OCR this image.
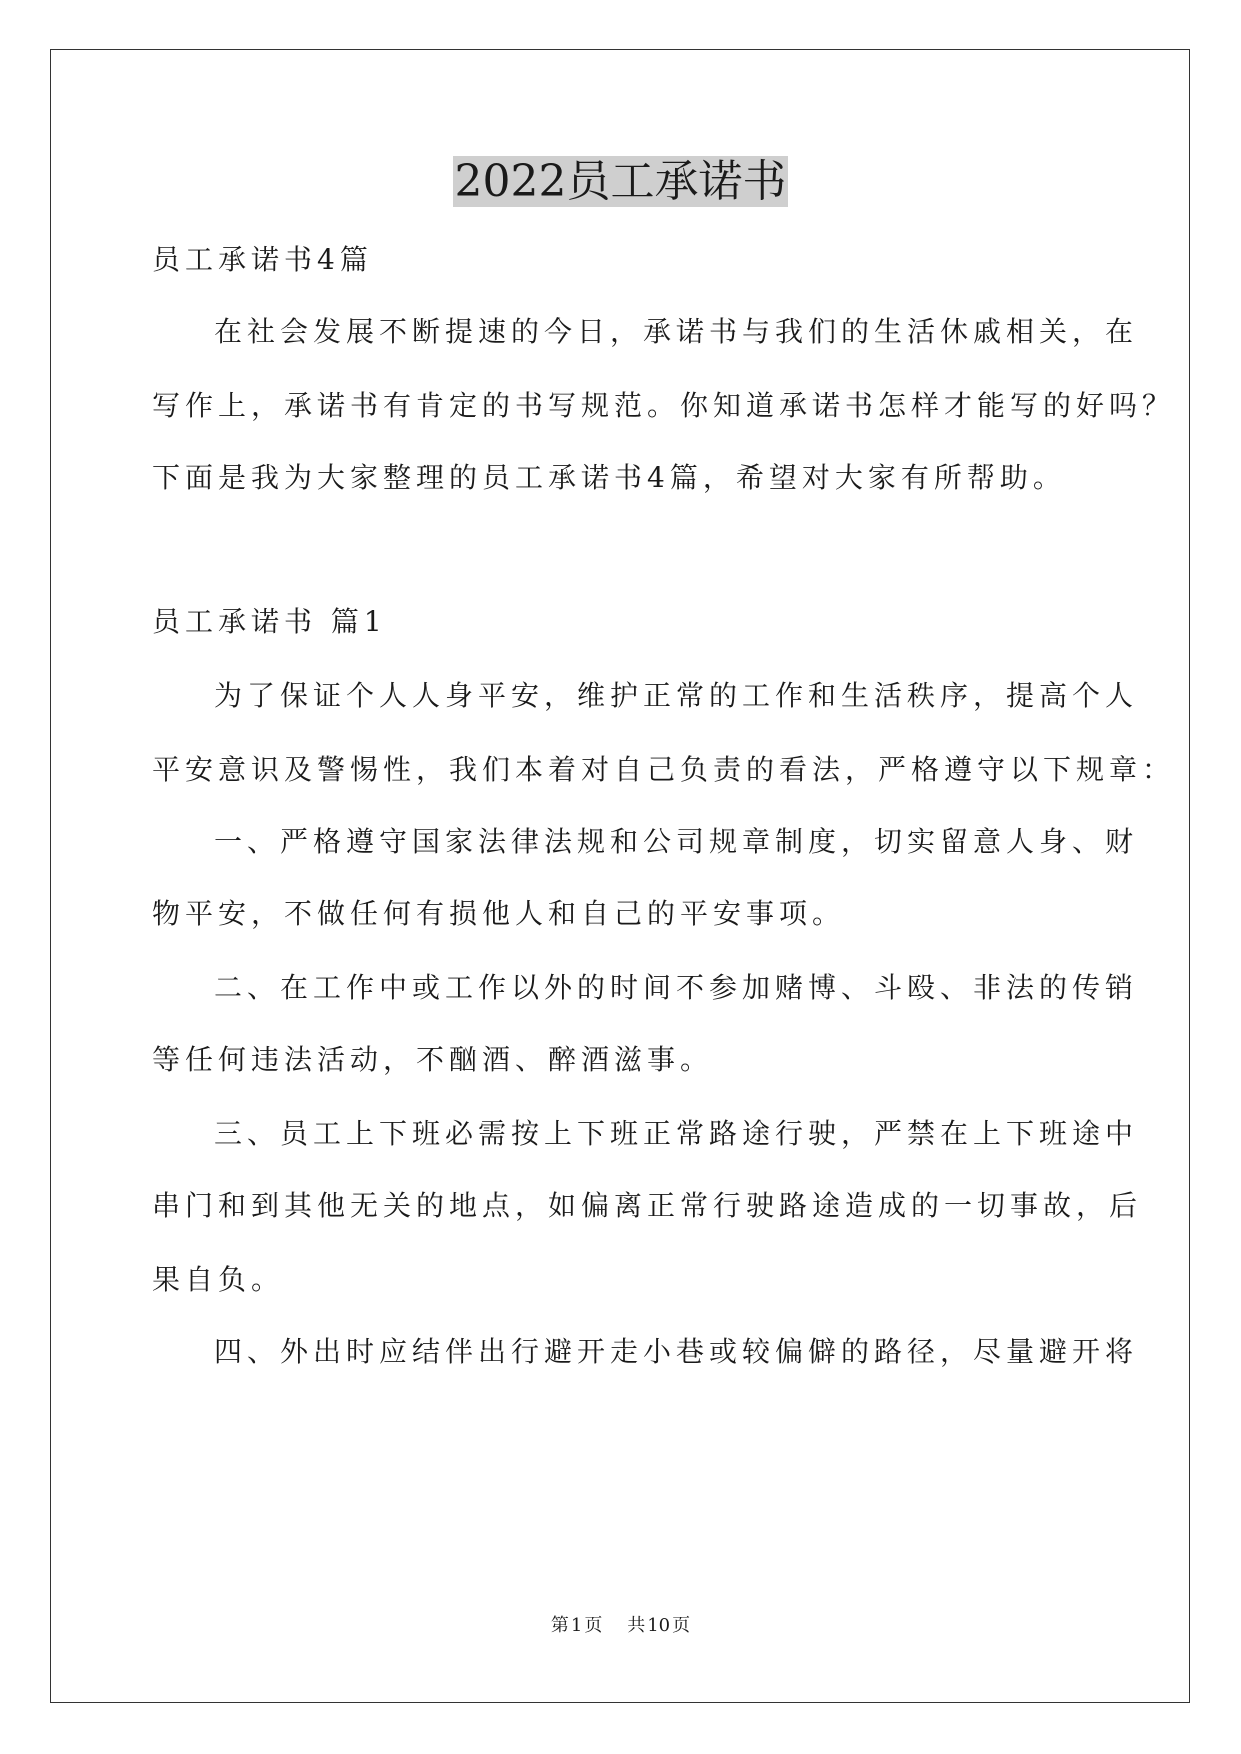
2022员工承诺书
员工承诺书4篇
在社会发展不断提速的今日，承诺书与我们的生活休戚相关，在
写作上，承诺书有肯定的书写规范。你知道承诺书怎样才能写的好吗？
下面是我为大家整理的员工承诺书4篇，希望对大家有所帮助。
员工承诺书 篇1
为了保证个人人身平安，维护正常的工作和生活秩序，提高个人
平安意识及警惕性，我们本着对自己负责的看法，严格遵守以下规章：
一、严格遵守国家法律法规和公司规章制度，切实留意人身、财
物平安，不做任何有损他人和自己的平安事项。
二、在工作中或工作以外的时间不参加赌博、斗殴、非法的传销
等任何违法活动，不酗酒、醉酒滋事。
三、员工上下班必需按上下班正常路途行驶，严禁在上下班途中
串门和到其他无关的地点，如偏离正常行驶路途造成的一切事故，后
果自负。
四、外出时应结伴出行避开走小巷或较偏僻的路径，尽量避开将
第 1 页 共 10 页
